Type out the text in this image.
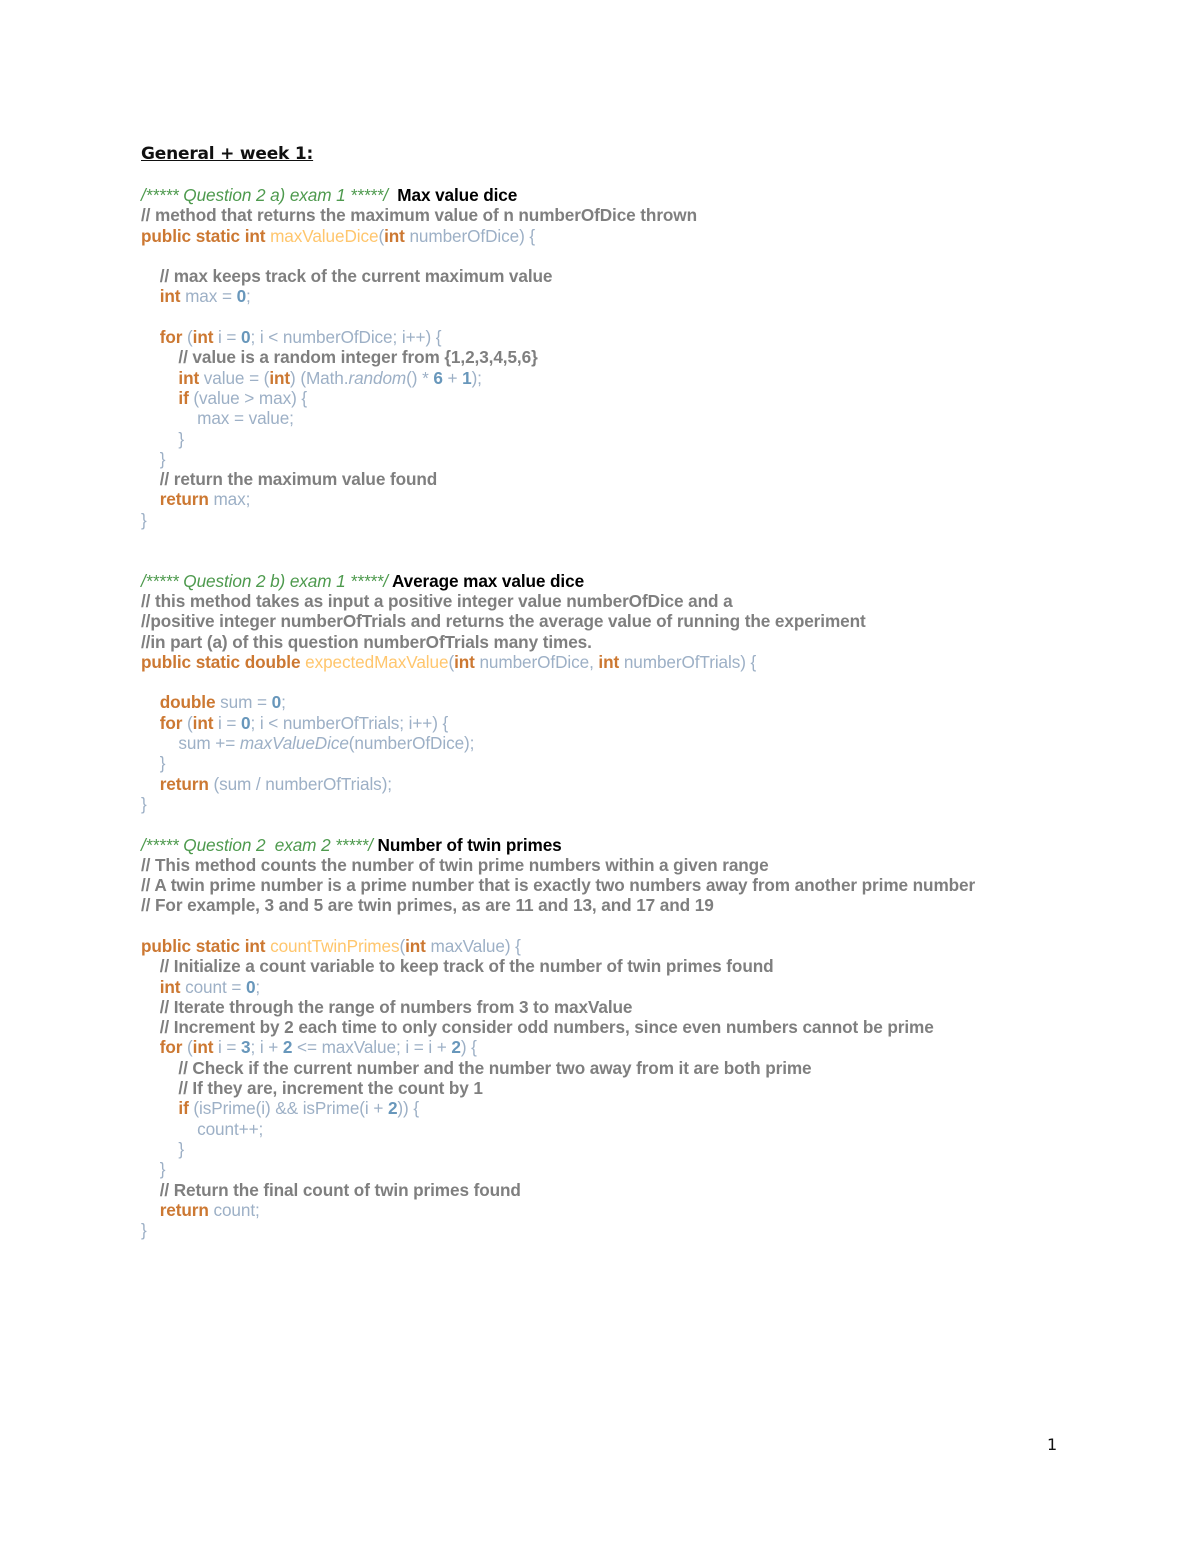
General + week 1:
/***** Question 2 a) exam 1 *****/  Max value dice
// method that returns the maximum value of n numberOfDice thrown
public static int maxValueDice(int numberOfDice) {

// max keeps track of the current maximum value
int max = 0;

for (int i = 0; i < numberOfDice; i++) {
// value is a random integer from {1,2,3,4,5,6}
int value = (int) (Math.random() * 6 + 1);
if (value > max) {
max = value;
}
}
// return the maximum value found
return max;
}

/***** Question 2 b) exam 1 *****/ Average max value dice
// this method takes as input a positive integer value numberOfDice and a
//positive integer numberOfTrials and returns the average value of running the experiment
//in part (a) of this question numberOfTrials many times.
public static double expectedMaxValue(int numberOfDice, int numberOfTrials) {

double sum = 0;
for (int i = 0; i < numberOfTrials; i++) {
sum += maxValueDice(numberOfDice);
}
return (sum / numberOfTrials);
}

/***** Question 2  exam 2 *****/ Number of twin primes
// This method counts the number of twin prime numbers within a given range
// A twin prime number is a prime number that is exactly two numbers away from another prime number
// For example, 3 and 5 are twin primes, as are 11 and 13, and 17 and 19

public static int countTwinPrimes(int maxValue) {
// Initialize a count variable to keep track of the number of twin primes found
int count = 0;
// Iterate through the range of numbers from 3 to maxValue
// Increment by 2 each time to only consider odd numbers, since even numbers cannot be prime
for (int i = 3; i + 2 <= maxValue; i = i + 2) {
// Check if the current number and the number two away from it are both prime
// If they are, increment the count by 1
if (isPrime(i) && isPrime(i + 2)) {
count++;
}
}
// Return the final count of twin primes found
return count;
}
1
